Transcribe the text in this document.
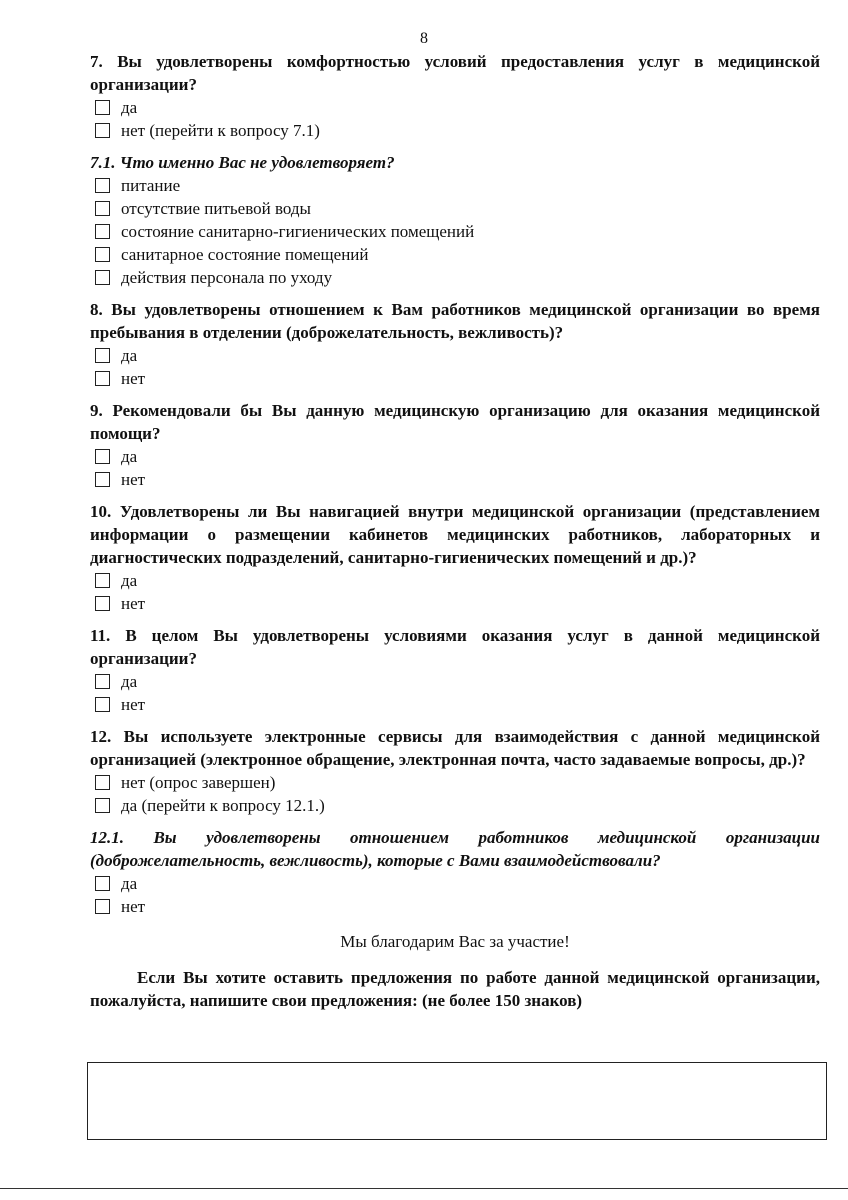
8

7. Вы удовлетворены комфортностью условий предоставления услуг в медицинской организации?

да
нет (перейти к вопросу 7.1)

7.1. Что именно Вас не удовлетворяет?

питание
отсутствие питьевой воды
состояние санитарно-гигиенических помещений
санитарное состояние помещений
действия персонала по уходу

8. Вы удовлетворены отношением к Вам работников медицинской организации во время пребывания в отделении (доброжелательность, вежливость)?

да
нет

9. Рекомендовали бы Вы данную медицинскую организацию для оказания медицинской помощи?

да
нет

10. Удовлетворены ли Вы навигацией внутри медицинской организации (представлением информации о размещении кабинетов медицинских работников, лабораторных и диагностических подразделений, санитарно-гигиенических помещений и др.)?

да
нет

11. В целом Вы удовлетворены условиями оказания услуг в данной медицинской организации?

да
нет

12. Вы используете электронные сервисы для взаимодействия с данной медицинской организацией (электронное обращение, электронная почта, часто задаваемые вопросы, др.)?

нет (опрос завершен)
да (перейти к вопросу 12.1.)

12.1. Вы удовлетворены отношением работников медицинской организации (доброжелательность, вежливость), которые с Вами взаимодействовали?

да
нет
Мы благодарим Вас за участие!

Если Вы хотите оставить предложения по работе данной медицинской организации, пожалуйста, напишите свои предложения: (не более 150 знаков)
